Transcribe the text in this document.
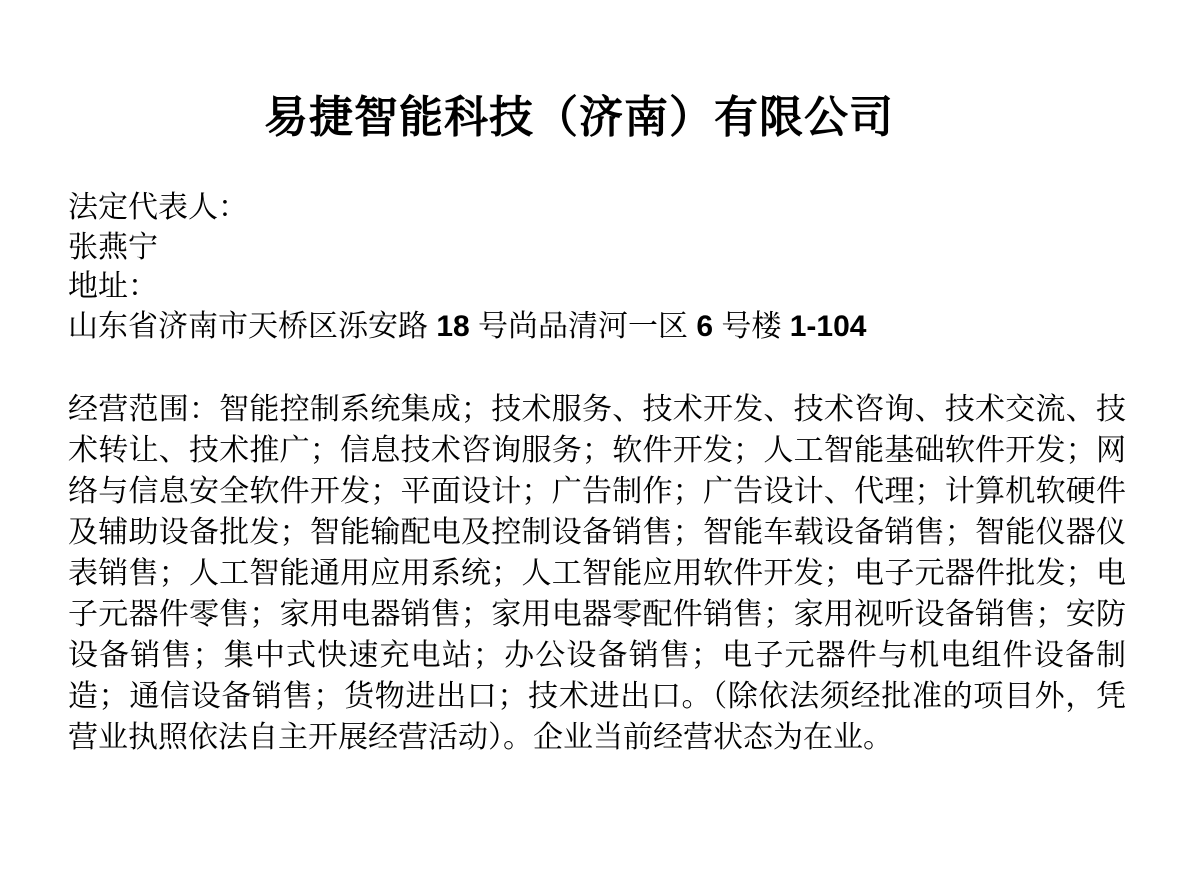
易捷智能科技（济南）有限公司
法定代表人：
张燕宁
地址：
山东省济南市天桥区泺安路 18 号尚品清河一区 6 号楼 1-104
经营范围：智能控制系统集成；技术服务、技术开发、技术咨询、技术交流、技术转让、技术推广；信息技术咨询服务；软件开发；人工智能基础软件开发；网络与信息安全软件开发；平面设计；广告制作；广告设计、代理；计算机软硬件及辅助设备批发；智能输配电及控制设备销售；智能车载设备销售；智能仪器仪表销售；人工智能通用应用系统；人工智能应用软件开发；电子元器件批发；电子元器件零售；家用电器销售；家用电器零配件销售；家用视听设备销售；安防设备销售；集中式快速充电站；办公设备销售；电子元器件与机电组件设备制造；通信设备销售；货物进出口；技术进出口。（除依法须经批准的项目外，凭营业执照依法自主开展经营活动）。企业当前经营状态为在业。
